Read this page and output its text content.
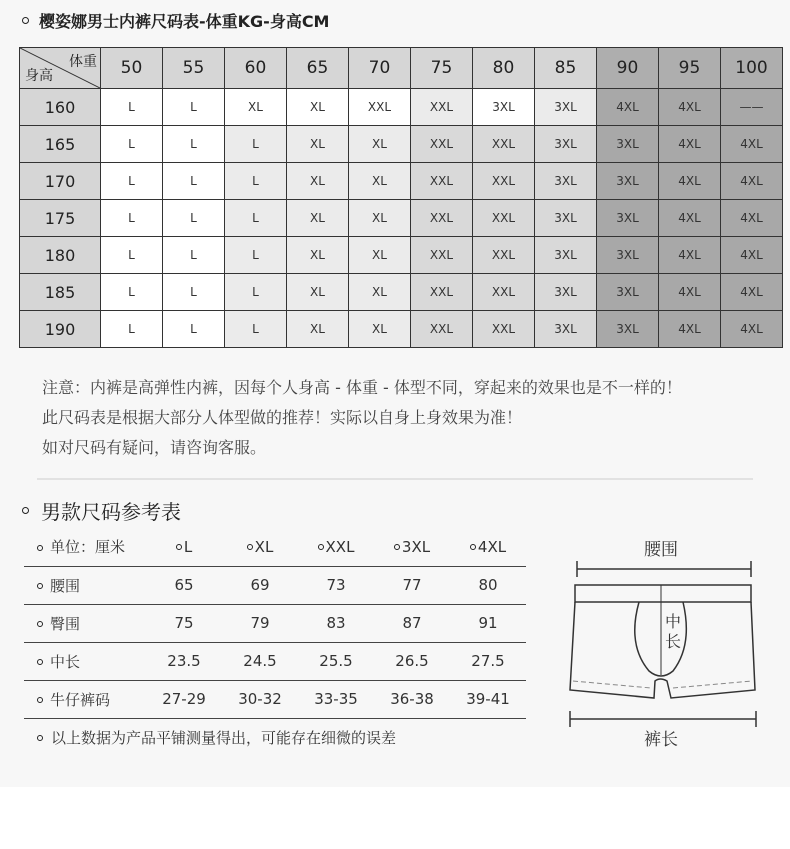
樱姿娜男士内裤尺码表-体重KG-身高CM
体重
身高	50	55	60	65	70	75	80	85	90	95	100
160	L	L	XL	XL	XXL	XXL	3XL	3XL	4XL	4XL	——
165	L	L	L	XL	XL	XXL	XXL	3XL	3XL	4XL	4XL
170	L	L	L	XL	XL	XXL	XXL	3XL	3XL	4XL	4XL
175	L	L	L	XL	XL	XXL	XXL	3XL	3XL	4XL	4XL
180	L	L	L	XL	XL	XXL	XXL	3XL	3XL	4XL	4XL
185	L	L	L	XL	XL	XXL	XXL	3XL	3XL	4XL	4XL
190	L	L	L	XL	XL	XXL	XXL	3XL	3XL	4XL	4XL
注意：内裤是高弹性内裤，因每个人身高 - 体重 - 体型不同，穿起来的效果也是不一样的！
此尺码表是根据大部分人体型做的推荐！实际以自身上身效果为准！
如对尺码有疑问，请咨询客服。
男款尺码参考表
单位：厘米	L	XL	XXL	3XL	4XL
腰围	65	69	73	77	80
臀围	75	79	83	87	91
中长	23.5	24.5	25.5	26.5	27.5
牛仔裤码	27-29	30-32	33-35	36-38	39-41
以上数据为产品平铺测量得出，可能存在细微的误差
腰围
中
长
裤长
